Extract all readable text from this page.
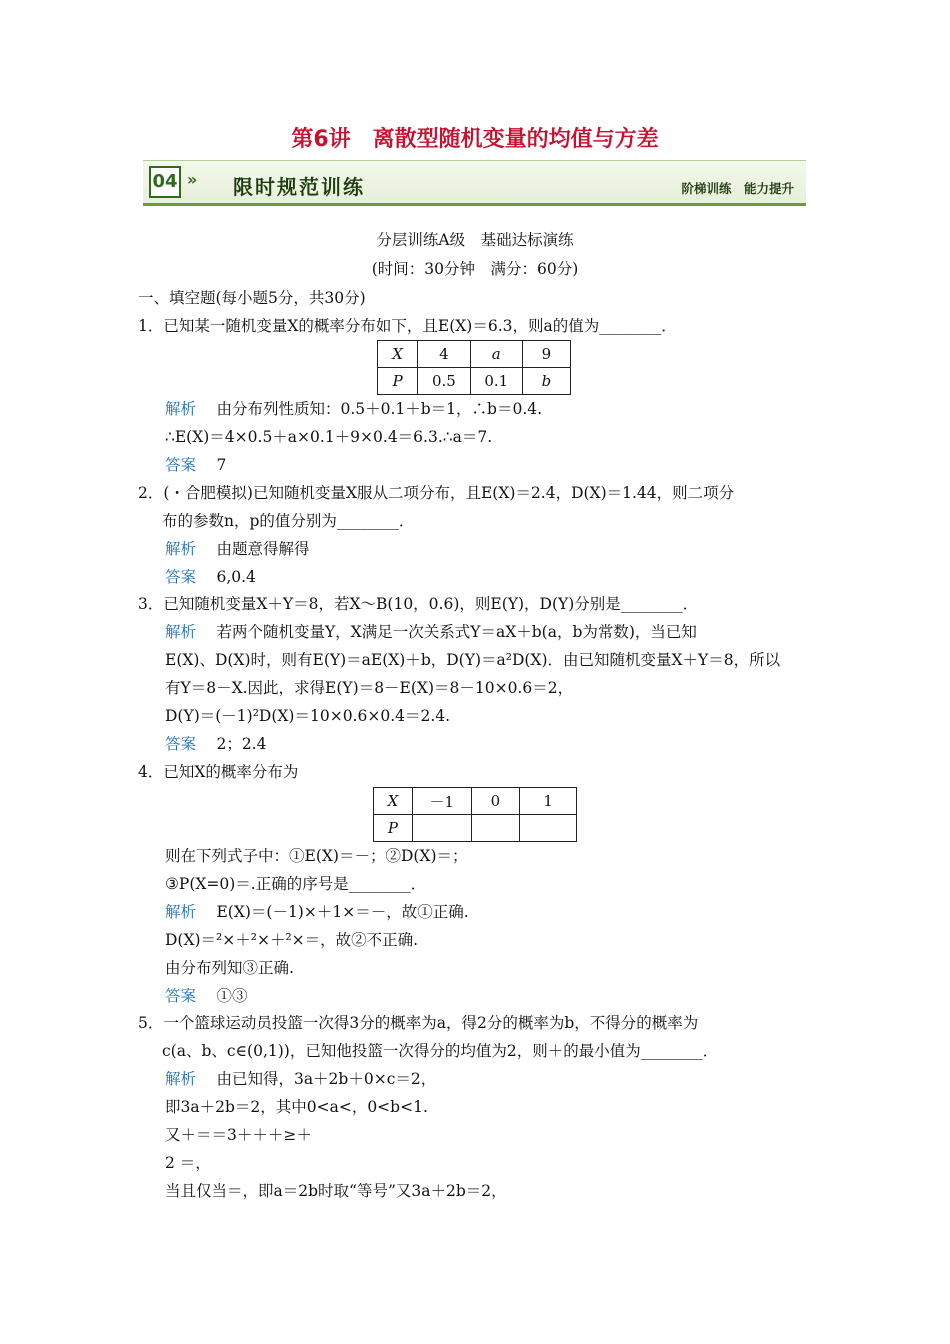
第6讲　离散型随机变量的均值与方差
04 » 限时规范训练	阶梯训练　能力提升
分层训练A级　基础达标演练
(时间：30分钟　满分：60分)
一、填空题(每小题5分，共30分)
1．已知某一随机变量X的概率分布如下，且E(X)＝6.3，则a的值为________．
X	4	a	9
P	0.5	0.1	b
解析　 由分布列性质知：0.5＋0.1＋b＝1，∴b＝0.4.
∴E(X)＝4×0.5＋a×0.1＋9×0.4＝6.3.∴a＝7.
答案　 7
2．(・合肥模拟)已知随机变量X服从二项分布，且E(X)＝2.4，D(X)＝1.44，则二项分
布的参数n，p的值分别为________．
解析　 由题意得解得
答案　 6,0.4
3．已知随机变量X＋Y＝8，若X～B(10，0.6)，则E(Y)，D(Y)分别是________．
解析　 若两个随机变量Y，X满足一次关系式Y＝aX＋b(a，b为常数)，当已知
E(X)、D(X)时，则有E(Y)＝aE(X)＋b，D(Y)＝a²D(X)．由已知随机变量X＋Y＝8，所以
有Y＝8－X.因此，求得E(Y)＝8－E(X)＝8－10×0.6＝2，
D(Y)＝(－1)²D(X)＝10×0.6×0.4＝2.4.
答案　 2；2.4
4．已知X的概率分布为
X	－1	0	1
P			
则在下列式子中：①E(X)＝－；②D(X)＝；
③P(X=0)＝.正确的序号是________．
解析　 E(X)＝(－1)×＋1×＝－，故①正确.
D(X)＝²×＋²×＋²×＝，故②不正确.
由分布列知③正确.
答案　 ①③
5．一个篮球运动员投篮一次得3分的概率为a，得2分的概率为b，不得分的概率为
c(a、b、c∈(0,1))，已知他投篮一次得分的均值为2，则＋的最小值为________．
解析　 由已知得，3a＋2b＋0×c＝2，
即3a＋2b＝2，其中0<a<，0<b<1.
又＋＝＝3＋＋＋≥＋
2 ＝，
当且仅当＝，即a＝2b时取“等号”又3a＋2b＝2，
